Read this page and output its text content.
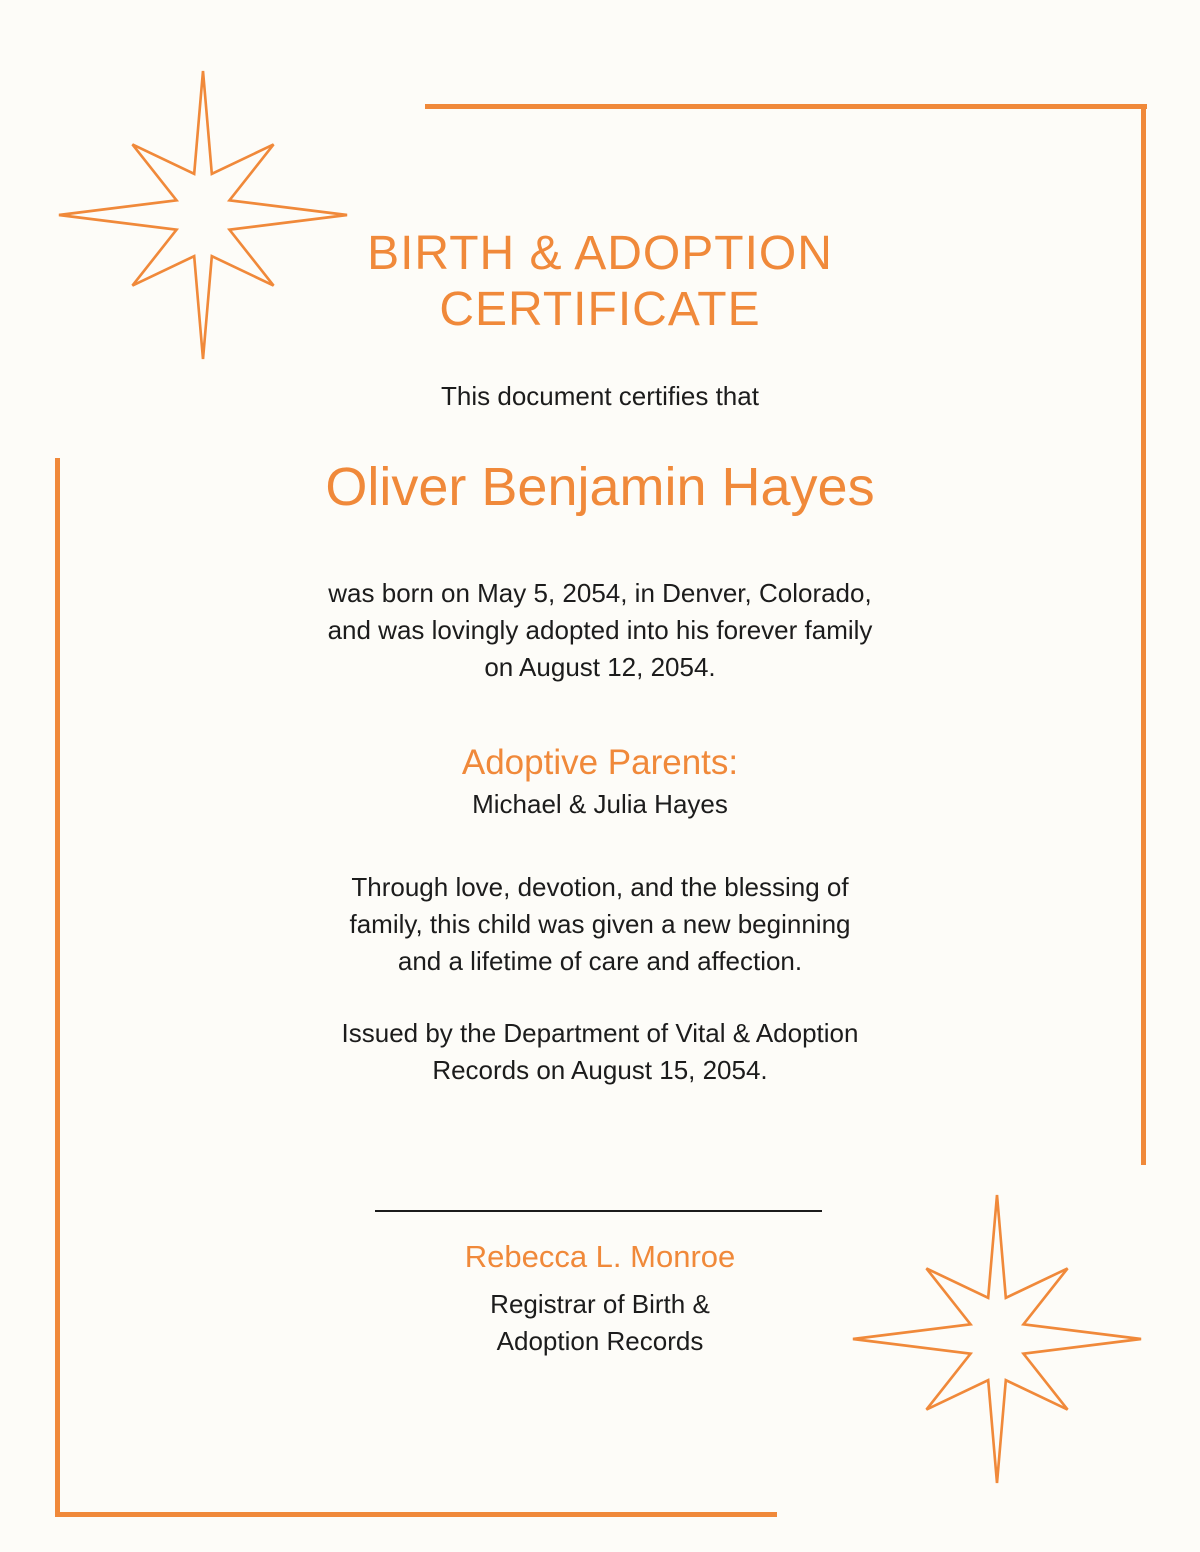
BIRTH & ADOPTION
CERTIFICATE
This document certifies that
Oliver Benjamin Hayes
was born on May 5, 2054, in Denver, Colorado,
and was lovingly adopted into his forever family
on August 12, 2054.
Adoptive Parents:
Michael & Julia Hayes
Through love, devotion, and the blessing of
family, this child was given a new beginning
and a lifetime of care and affection.
Issued by the Department of Vital & Adoption
Records on August 15, 2054.
Rebecca L. Monroe
Registrar of Birth &
Adoption Records
